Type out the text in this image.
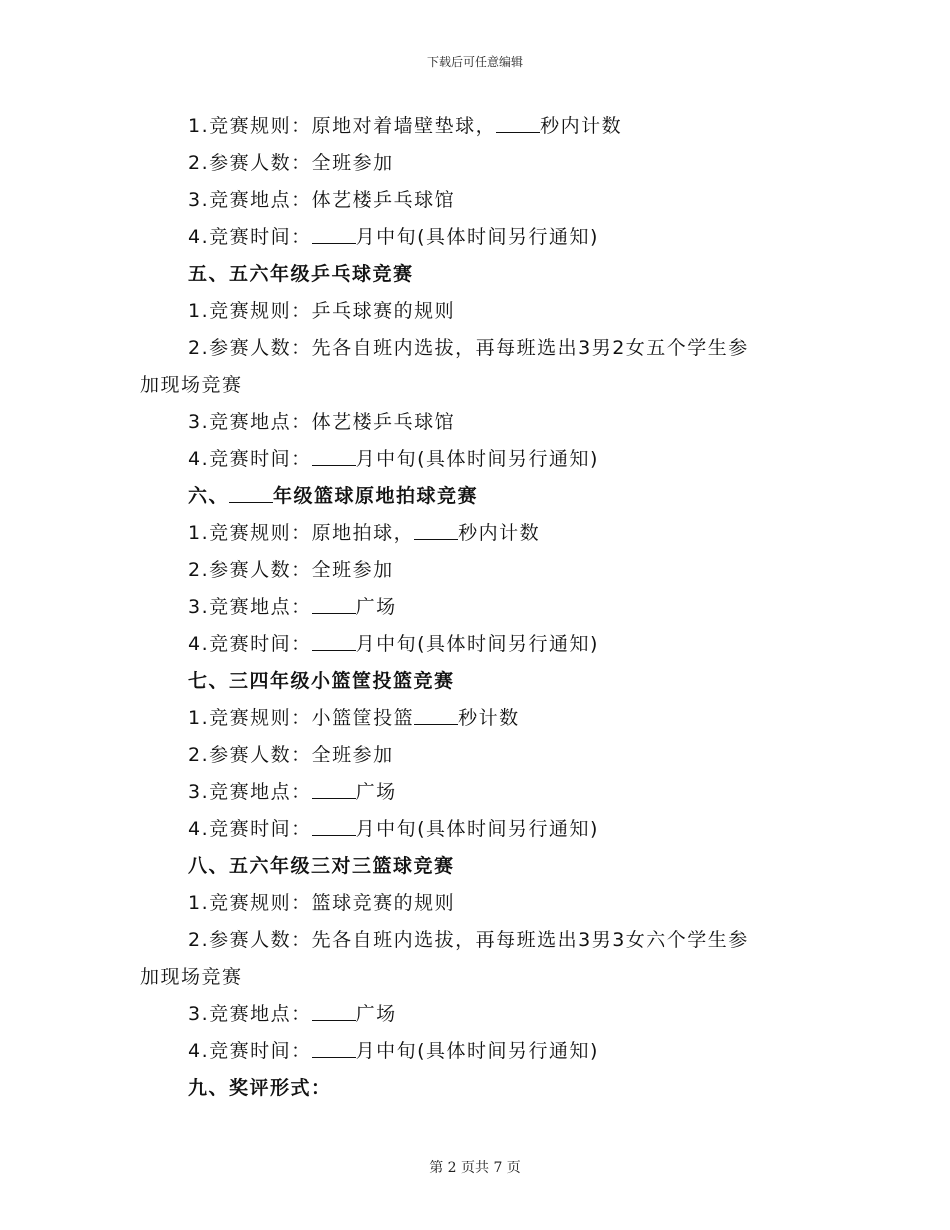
下载后可任意编辑
1.竞赛规则：原地对着墙壁垫球， 秒内计数
2.参赛人数：全班参加
3.竞赛地点：体艺楼乒乓球馆
4.竞赛时间： 月中旬(具体时间另行通知)
五、五六年级乒乓球竞赛
1.竞赛规则：乒乓球赛的规则
2.参赛人数：先各自班内选拔，再每班选出3男2女五个学生参
加现场竞赛
3.竞赛地点：体艺楼乒乓球馆
4.竞赛时间： 月中旬(具体时间另行通知)
六、 年级篮球原地拍球竞赛
1.竞赛规则：原地拍球， 秒内计数
2.参赛人数：全班参加
3.竞赛地点： 广场
4.竞赛时间： 月中旬(具体时间另行通知)
七、三四年级小篮筐投篮竞赛
1.竞赛规则：小篮筐投篮 秒计数
2.参赛人数：全班参加
3.竞赛地点： 广场
4.竞赛时间： 月中旬(具体时间另行通知)
八、五六年级三对三篮球竞赛
1.竞赛规则：篮球竞赛的规则
2.参赛人数：先各自班内选拔，再每班选出3男3女六个学生参
加现场竞赛
3.竞赛地点： 广场
4.竞赛时间： 月中旬(具体时间另行通知)
九、奖评形式：
第 2 页共 7 页
